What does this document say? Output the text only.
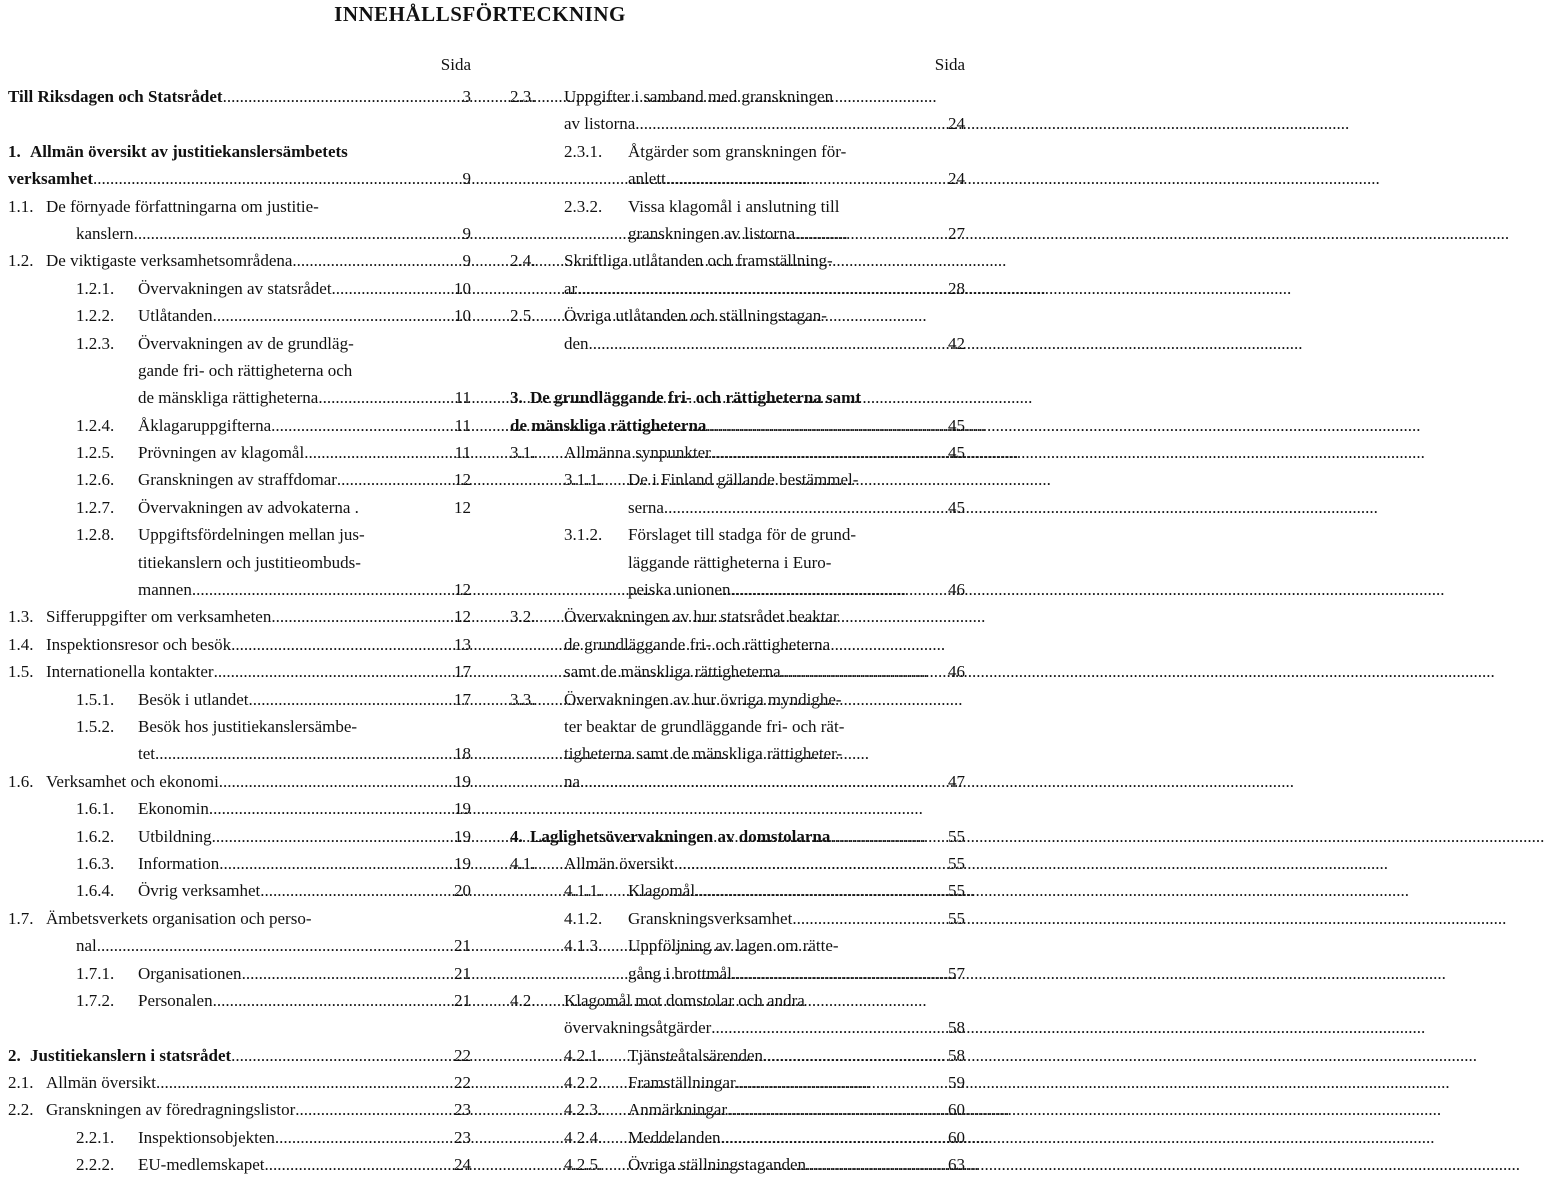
INNEHÅLLSFÖRTECKNING
Sida
Till Riksdagen och Statsrådet .....	3
1. Allmän översikt av justitiekanslersämbetets
verksamhet .....	9
1.1. De förnyade författningarna om justitie-
kanslern .....	9
1.2. De viktigaste verksamhetsområdena .....	9
1.2.1.	Övervakningen av statsrådet .....	10
1.2.2.	Utlåtanden .....	10
1.2.3.	Övervakningen av de grundläg-
gande fri- och rättigheterna och
de mänskliga rättigheterna .....	11
1.2.4.	Åklagaruppgifterna .....	11
1.2.5.	Prövningen av klagomål .....	11
1.2.6.	Granskningen av straffdomar .....	12
1.2.7.	Övervakningen av advokaterna .	12
1.2.8.	Uppgiftsfördelningen mellan jus-
titiekanslern och justitieombuds-
mannen .....	12
1.3. Sifferuppgifter om verksamheten .....	12
1.4. Inspektionsresor och besök .....	13
1.5. Internationella kontakter .....	17
1.5.1.	Besök i utlandet .....	17
1.5.2.	Besök hos justitiekanslersämbe-
tet .....	18
1.6. Verksamhet och ekonomi .....	19
1.6.1.	Ekonomin .....	19
1.6.2.	Utbildning .....	19
1.6.3.	Information .....	19
1.6.4.	Övrig verksamhet .....	20
1.7. Ämbetsverkets organisation och perso-
nal .....	21
1.7.1.	Organisationen .....	21
1.7.2.	Personalen .....	21
2. Justitiekanslern i statsrådet .....	22
2.1. Allmän översikt .....	22
2.2. Granskningen av föredragningslistor .....	23
2.2.1.	Inspektionsobjekten .....	23
2.2.2.	EU-medlemskapet .....	24
Sida
2.3.	Uppgifter i samband med granskningen
av listorna .....	24
2.3.1.	Åtgärder som granskningen för-
anlett .....	24
2.3.2.	Vissa klagomål i anslutning till
granskningen av listorna .....	27
2.4.	Skriftliga utlåtanden och framställning-
ar .....	28
2.5.	Övriga utlåtanden och ställningstagan-
den .....	42
3. De grundläggande fri- och rättigheterna samt
de mänskliga rättigheterna .....	45
3.1.	Allmänna synpunkter .....	45
3.1.1.	De i Finland gällande bestämmel-
serna .....	45
3.1.2.	Förslaget till stadga för de grund-
läggande rättigheterna i Euro-
peiska unionen .....	46
3.2.	Övervakningen av hur statsrådet beaktar
de grundläggande fri- och rättigheterna
samt de mänskliga rättigheterna .....	46
3.3.	Övervakningen av hur övriga myndighe-
ter beaktar de grundläggande fri- och rät-
tigheterna samt de mänskliga rättigheter-
na .....	47
4. Laglighetsövervakningen av domstolarna .....	55
4.1.	Allmän översikt .....	55
4.1.1.	Klagomål .....	55
4.1.2.	Granskningsverksamhet .....	55
4.1.3.	Uppföljning av lagen om rätte-
gång i brottmål .....	57
4.2.	Klagomål mot domstolar och andra
övervakningsåtgärder .....	58
4.2.1.	Tjänsteåtalsärenden .....	58
4.2.2.	Framställningar .....	59
4.2.3.	Anmärkningar .....	60
4.2.4.	Meddelanden .....	60
4.2.5.	Övriga ställningstaganden .....	63
